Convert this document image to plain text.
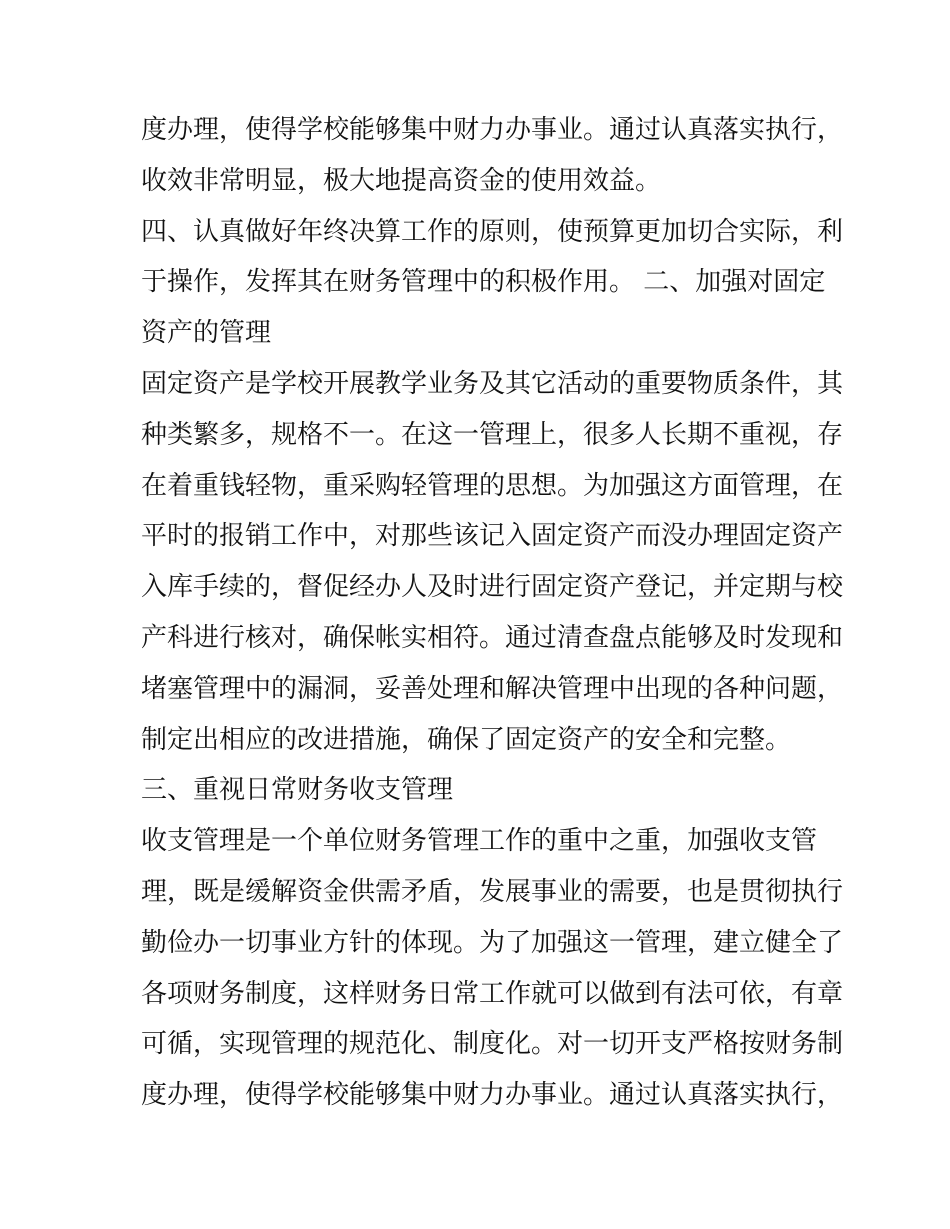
度办理，使得学校能够集中财力办事业。通过认真落实执行，
收效非常明显，极大地提高资金的使用效益。
四、认真做好年终决算工作的原则，使预算更加切合实际，利
于操作，发挥其在财务管理中的积极作用。 二、加强对固定
资产的管理
固定资产是学校开展教学业务及其它活动的重要物质条件，其
种类繁多，规格不一。在这一管理上，很多人长期不重视，存
在着重钱轻物，重采购轻管理的思想。为加强这方面管理，在
平时的报销工作中，对那些该记入固定资产而没办理固定资产
入库手续的，督促经办人及时进行固定资产登记，并定期与校
产科进行核对，确保帐实相符。通过清查盘点能够及时发现和
堵塞管理中的漏洞，妥善处理和解决管理中出现的各种问题，
制定出相应的改进措施，确保了固定资产的安全和完整。
三、重视日常财务收支管理
收支管理是一个单位财务管理工作的重中之重，加强收支管
理，既是缓解资金供需矛盾，发展事业的需要，也是贯彻执行
勤俭办一切事业方针的体现。为了加强这一管理，建立健全了
各项财务制度，这样财务日常工作就可以做到有法可依，有章
可循，实现管理的规范化、制度化。对一切开支严格按财务制
度办理，使得学校能够集中财力办事业。通过认真落实执行，
